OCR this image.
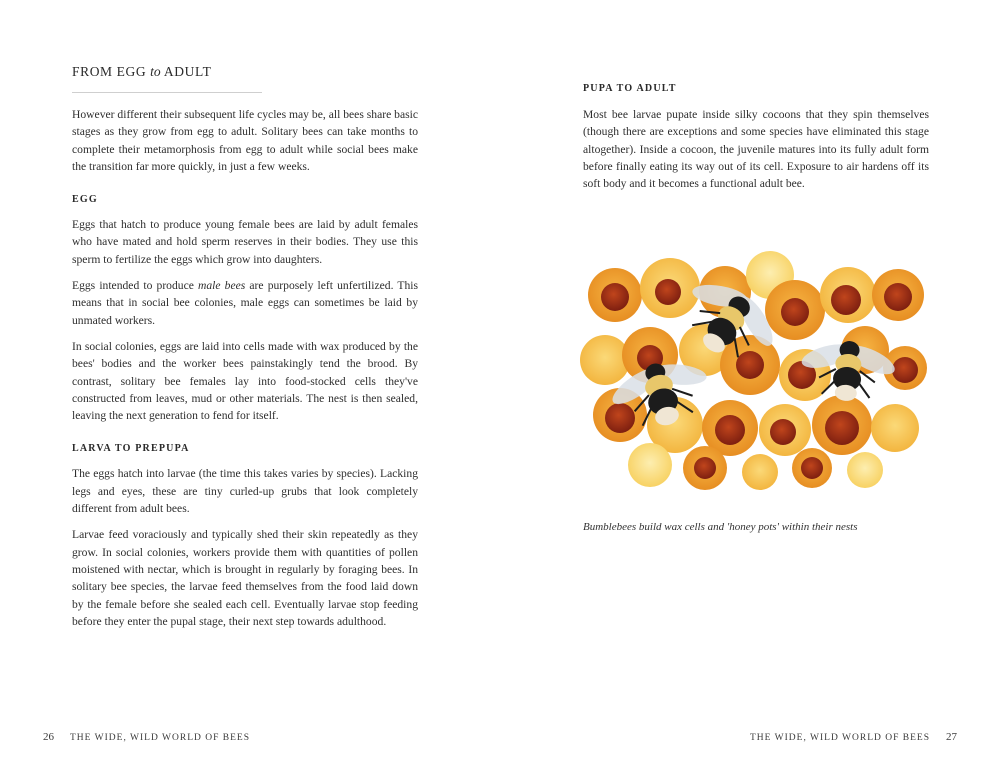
FROM EGG to ADULT

However different their subsequent life cycles may be, all bees share basic stages as they grow from egg to adult. Solitary bees can take months to complete their metamorphosis from egg to adult while social bees make the transition far more quickly, in just a few weeks.

EGG

Eggs that hatch to produce young female bees are laid by adult females who have mated and hold sperm reserves in their bodies. They use this sperm to fertilize the eggs which grow into daughters.

Eggs intended to produce male bees are purposely left unfertilized. This means that in social bee colonies, male eggs can sometimes be laid by unmated workers.

In social colonies, eggs are laid into cells made with wax produced by the bees' bodies and the worker bees painstakingly tend the brood. By contrast, solitary bee females lay into food-stocked cells they've constructed from leaves, mud or other materials. The nest is then sealed, leaving the next generation to fend for itself.

LARVA TO PREPUPA

The eggs hatch into larvae (the time this takes varies by species). Lacking legs and eyes, these are tiny curled-up grubs that look completely different from adult bees.

Larvae feed voraciously and typically shed their skin repeatedly as they grow. In social colonies, workers provide them with quantities of pollen moistened with nectar, which is brought in regularly by foraging bees. In solitary bee species, the larvae feed themselves from the food laid down by the female before she sealed each cell. Eventually larvae stop feeding before they enter the pupal stage, their next step towards adulthood.

26 THE WIDE, WILD WORLD OF BEES	THE WIDE, WILD WORLD OF BEES 27
PUPA TO ADULT

Most bee larvae pupate inside silky cocoons that they spin themselves (though there are exceptions and some species have eliminated this stage altogether). Inside a cocoon, the juvenile matures into its fully adult form before finally eating its way out of its cell. Exposure to air hardens off its soft body and it becomes a functional adult bee.

Bumblebees build wax cells and 'honey pots' within their nests
